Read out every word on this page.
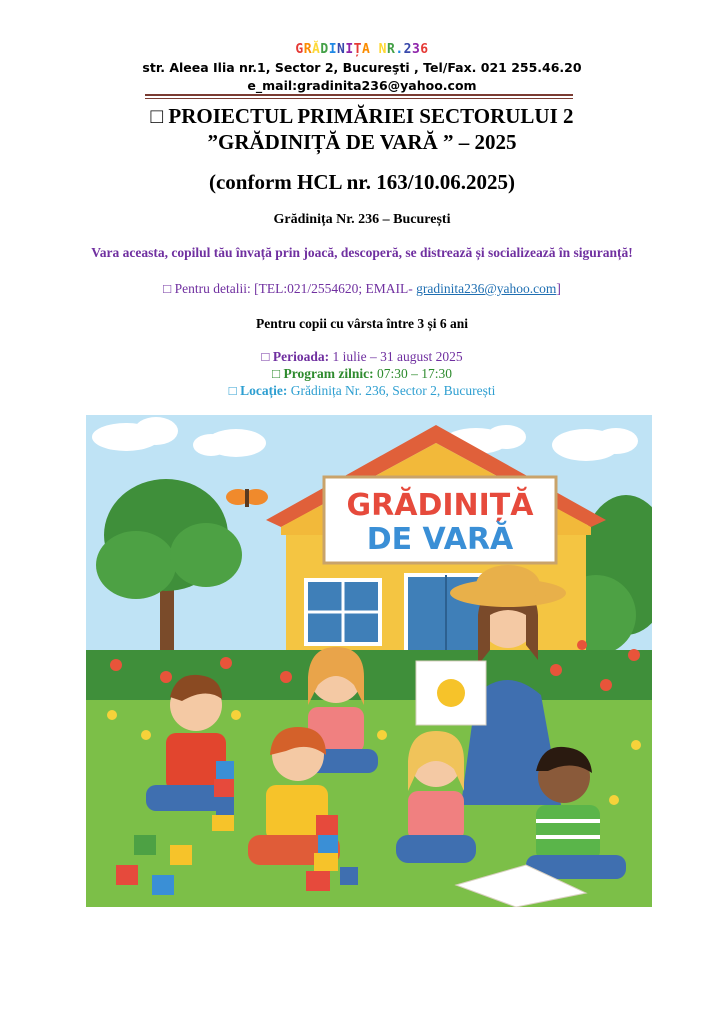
GRĂDINIȚA NR.236
str. Aleea Ilia nr.1, Sector 2, Bucureşti , Tel/Fax. 021 255.46.20
e_mail:gradinita236@yahoo.com
□ PROIECTUL PRIMĂRIEI SECTORULUI 2
”GRĂDINIȚĂ DE VARĂ ” – 2025
(conform HCL nr. 163/10.06.2025)
Grădinița Nr. 236 – București
Vara aceasta, copilul tău învață prin joacă, descoperă, se distrează și socializează în siguranță!
□ Pentru detalii: [TEL:021/2554620; EMAIL- gradinita236@yahoo.com]
Pentru copii cu vârsta între 3 și 6 ani
□ Perioada: 1 iulie – 31 august 2025
□ Program zilnic: 07:30 – 17:30
□ Locație: Grădinița Nr. 236, Sector 2, București
GRĂDINIȚĂ
DE VARĂ
